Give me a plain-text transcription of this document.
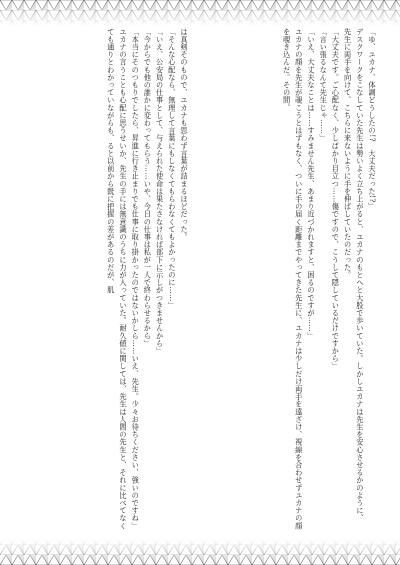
「ゆ、ユカナ、体調どうしたの!?　大丈夫だった!?」
デスクワークをこなしていた先生は勢いよく立ち上がると、ユカナのもとへと大股で歩いていた。しかしユカナは先生を安心させるかのように、
先生に両手を向けて、こちらに来ないように手を伸ばしていたのだった。
「大丈夫です。ご心配なく、少しばかり目立つ……傷ですので、こうして隠しているだけですから」
「言い張るなんて先生じゃ……」
「いえ、大丈夫なことは……すみません先生、あまり近づかれますと、困るのですが……」
ユカナの顔を先生が覗こうとはずもなく、ついに手の届く距離までやってきた先生に、ユカナは少しだけ両手を遠ざけ、視線を合わせずユカナの顔を覗き込んだ。その間、
は真剣そのもので、ユカナも思わず言葉が詰まるほどだった。
「そんな心配なら、無理して言葉にもしなくてもらわなくてもよかったのに……」
「いえ、公安局の仕事として、与えられた使命は果たさなければ部下に示しがつきませんから」
「今からでも他の誰かに変わってもらう……いや、今日の仕事は私が一人で終わらせるから」
「本当にそのつもりでしたら、昇進に行き止まりでも仕事に取り掛かったのではないかしら……いえ、先生。少々お待ちください、強いのですね」
ユカナの言うことも心配に思うせいか、先生の手には無意識のうちに力が入っていた。耐久値に関しては、先生は人間の先生と、それに比べてなくても通りとわかっていながらも、ると以前から既に把握の差があるのだが、肌
